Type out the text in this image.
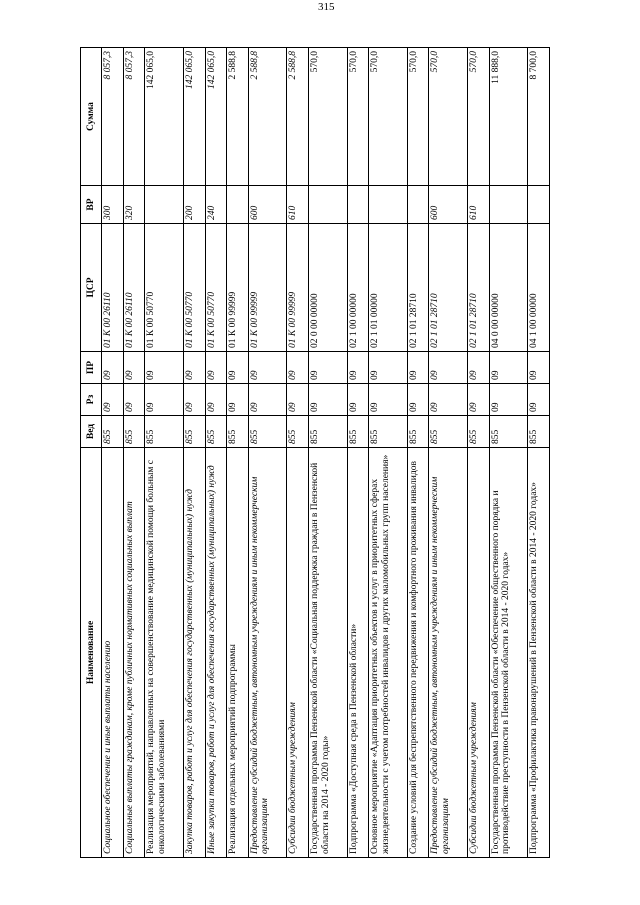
315
Наименование	Вед	Рз	ПР	ЦСР	ВР	Сумма
Социальное обеспечение и иные выплаты населению	855	09	09	01 К 00 26110	300	8 057,3
Социальные выплаты гражданам, кроме публичных нормативных социальных выплат	855	09	09	01 К 00 26110	320	8 057,3
Реализация мероприятий, направленных на совершенствование медицинской помощи больным с онкологическими заболеваниями	855	09	09	01 К 00 50770		142 065,0
Закупка товаров, работ и услуг для обеспечения государственных (муниципальных) нужд	855	09	09	01 К 00 50770	200	142 065,0
Иные закупки товаров, работ и услуг для обеспечения государственных (муниципальных) нужд	855	09	09	01 К 00 50770	240	142 065,0
Реализация отдельных мероприятий подпрограммы	855	09	09	01 К 00 99999		2 588,8
Предоставление субсидий бюджетным, автономным учреждениям и иным некоммерческим организациям	855	09	09	01 К 00 99999	600	2 588,8
Субсидии бюджетным учреждениям	855	09	09	01 К 00 99999	610	2 588,8
Государственная программа Пензенской области «Социальная поддержка граждан в Пензенской области на 2014 - 2020 годы»	855	09	09	02 0 00 00000		570,0
Подпрограмма «Доступная среда в Пензенской области»	855	09	09	02 1 00 00000		570,0
Основное мероприятие «Адаптация приоритетных объектов и услуг в приоритетных сферах жизнедеятельности с учетом потребностей инвалидов и других маломобильных групп населения»	855	09	09	02 1 01 00000		570,0
Создание условий для беспрепятственного передвижения и комфортного проживания инвалидов	855	09	09	02 1 01 28710		570,0
Предоставление субсидий бюджетным, автономным учреждениям и иным некоммерческим организациям	855	09	09	02 1 01 28710	600	570,0
Субсидии бюджетным учреждениям	855	09	09	02 1 01 28710	610	570,0
Государственная программа Пензенской области «Обеспечение общественного порядка и противодействие преступности в Пензенской области в 2014 - 2020 годах»	855	09	09	04 0 00 00000		11 888,0
Подпрограмма «Профилактика правонарушений в Пензенской области в 2014 - 2020 годах»	855	09	09	04 1 00 00000		8 700,0
